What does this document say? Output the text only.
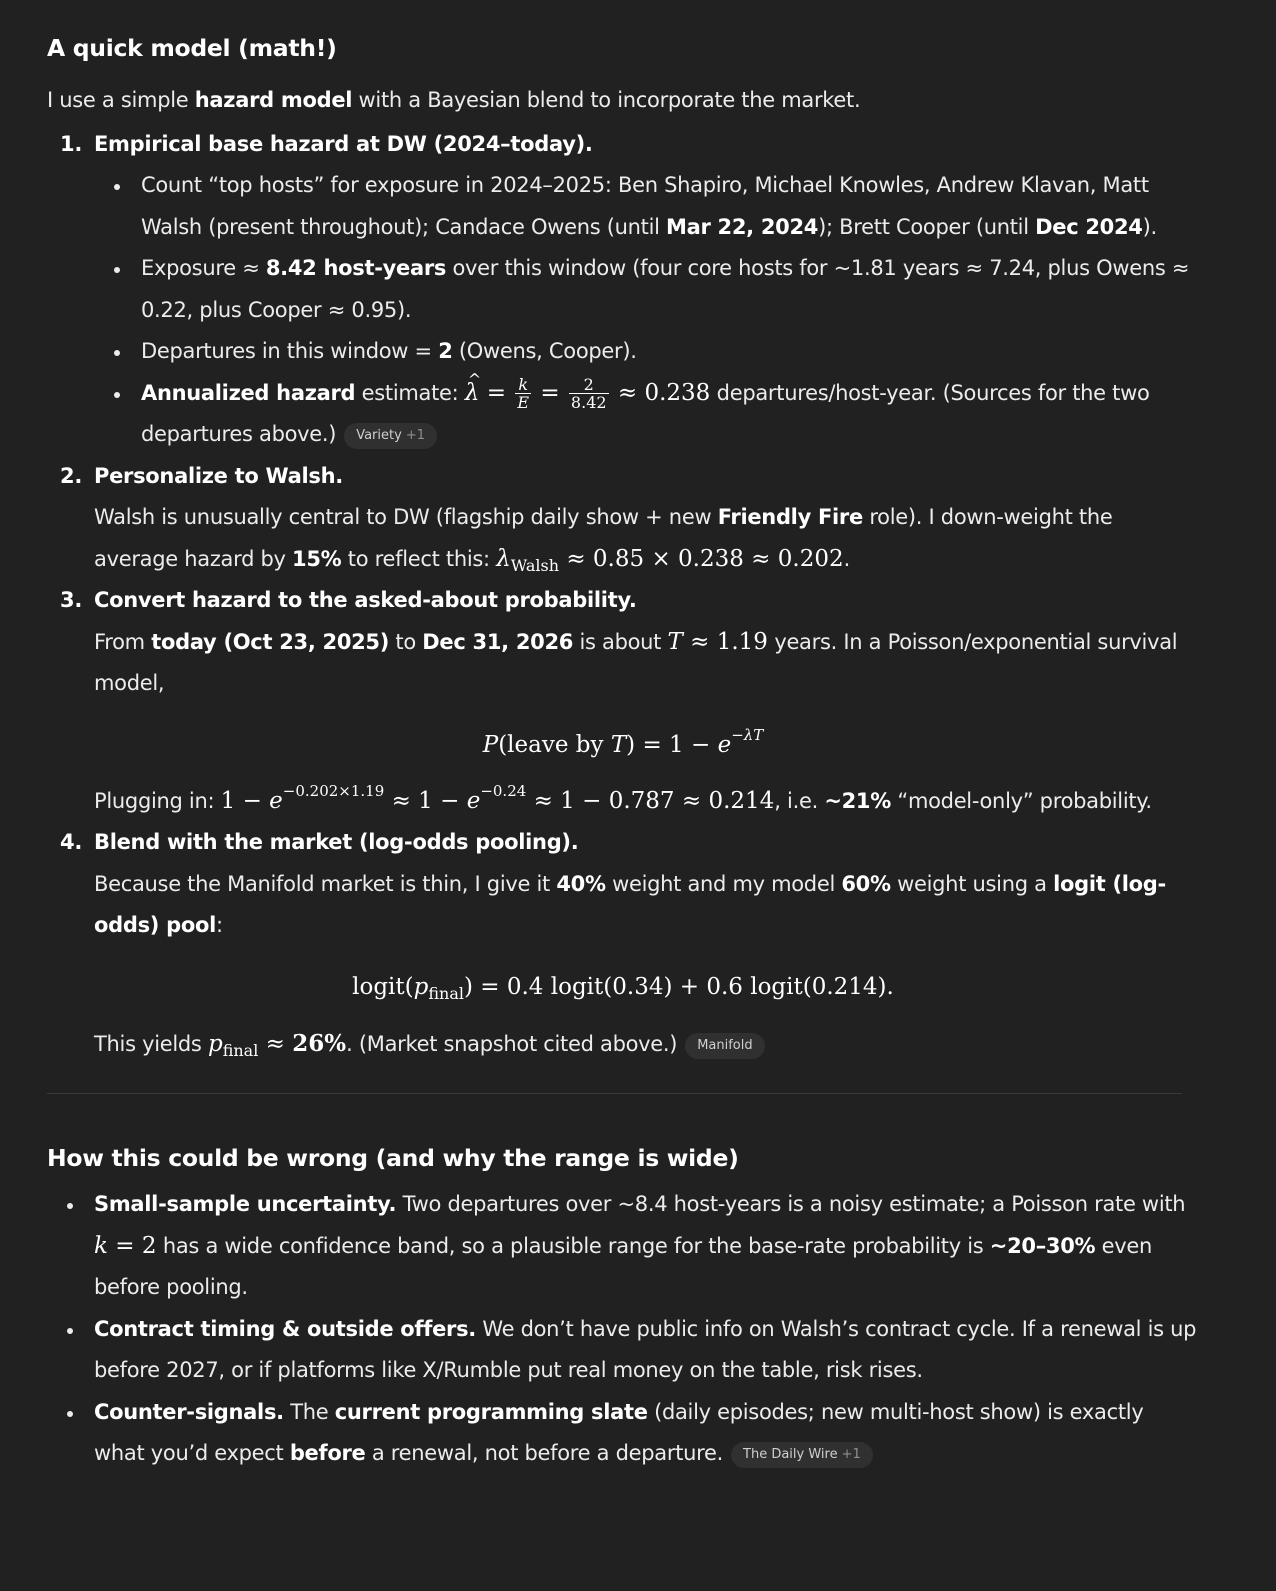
A quick model (math!)

I use a simple hazard model with a Bayesian blend to incorporate the market.

Empirical base hazard at DW (2024–today).
Count “top hosts” for exposure in 2024–2025: Ben Shapiro, Michael Knowles, Andrew Klavan, Matt Walsh (present throughout); Candace Owens (until Mar 22, 2024); Brett Cooper (until Dec 2024).
Exposure ≈ 8.42 host-years over this window (four core hosts for ~1.81 years ≈ 7.24, plus Owens ≈ 0.22, plus Cooper ≈ 0.95).
Departures in this window = 2 (Owens, Cooper).
Annualized hazard estimate: ^ $\lambda = \frac{k}{E} = \frac{2}{8.42} \approx 0.238$ departures/host-year. (Sources for the two departures above.) Variety +1
Personalize to Walsh.

Walsh is unusually central to DW (flagship daily show + new Friendly Fire role). I down-weight the average hazard by 15% to reflect this: $\lambda_{Walsh} \approx 0.85 \times 0.238 \approx 0.202$.

Convert hazard to the asked-about probability.

From today (Oct 23, 2025) to Dec 31, 2026 is about T ≈ 1.19 years. In a Poisson/exponential survival model,

P(leave by $T) = 1 - e^{-\lambda T}$

Plugging in: $1 - e^{-0.202\times 1.19} \approx 1 - e^{-0.24} \approx 1 - 0.787 \approx 0.214$, i.e. ~21% “model-only” probability.

Blend with the market (log-odds pooling).

Because the Manifold market is thin, I give it 40% weight and my model 60% weight using a logit (log-odds) pool:

$logit(p_{final}) = 0.4$ logit(0.34) + 0.6 logit(0.214).

This yields $p_{final} \approx 26\%$. (Market snapshot cited above.) Manifold

How this could be wrong (and why the range is wide)
Small-sample uncertainty. Two departures over ~8.4 host-years is a noisy estimate; a Poisson rate with k = 2 has a wide confidence band, so a plausible range for the base-rate probability is ~20–30% even before pooling.
Contract timing & outside offers. We don’t have public info on Walsh’s contract cycle. If a renewal is up before 2027, or if platforms like X/Rumble put real money on the table, risk rises.
Counter-signals. The current programming slate (daily episodes; new multi-host show) is exactly what you’d expect before a renewal, not before a departure. The Daily Wire +1
